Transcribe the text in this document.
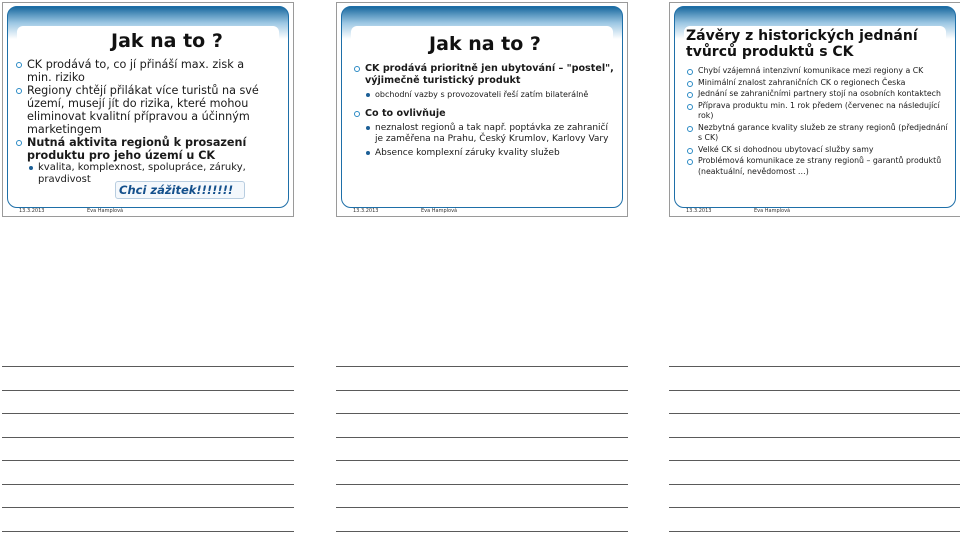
Jak na to ?
CK prodává to, co jí přináší max. zisk a min. riziko
Regiony chtějí přilákat více turistů na své území, musejí jít do rizika, které mohou eliminovat kvalitní přípravou a účinným marketingem
Nutná aktivita regionů k prosazení produktu pro jeho území u CK
kvalita, komplexnost, spolupráce, záruky, pravdivost
Chci zážitek!!!!!!!
13.3.2013	Eva Hamplová
Jak na to ?
CK prodává prioritně jen ubytování – "postel", výjimečně turistický produkt
obchodní vazby s provozovateli řeší zatím bilaterálně
Co to ovlivňuje
neznalost regionů a tak např. poptávka ze zahraničí je zaměřena na Prahu, Český Krumlov, Karlovy Vary
Absence komplexní záruky kvality služeb
13.3.2013	Eva Hamplová
Závěry z historických jednání tvůrců produktů s CK
Chybí vzájemná intenzivní komunikace mezi regiony a CK
Minimální znalost zahraničních CK o regionech Česka
Jednání se zahraničními partnery stojí na osobních kontaktech
Příprava produktu min. 1 rok předem (červenec na následující rok)
Nezbytná garance kvality služeb ze strany regionů (předjednání s CK)
Velké CK si dohodnou ubytovací služby samy
Problémová komunikace ze strany regionů – garantů produktů (neaktuální, nevědomost …)
13.3.2013	Eva Hamplová
